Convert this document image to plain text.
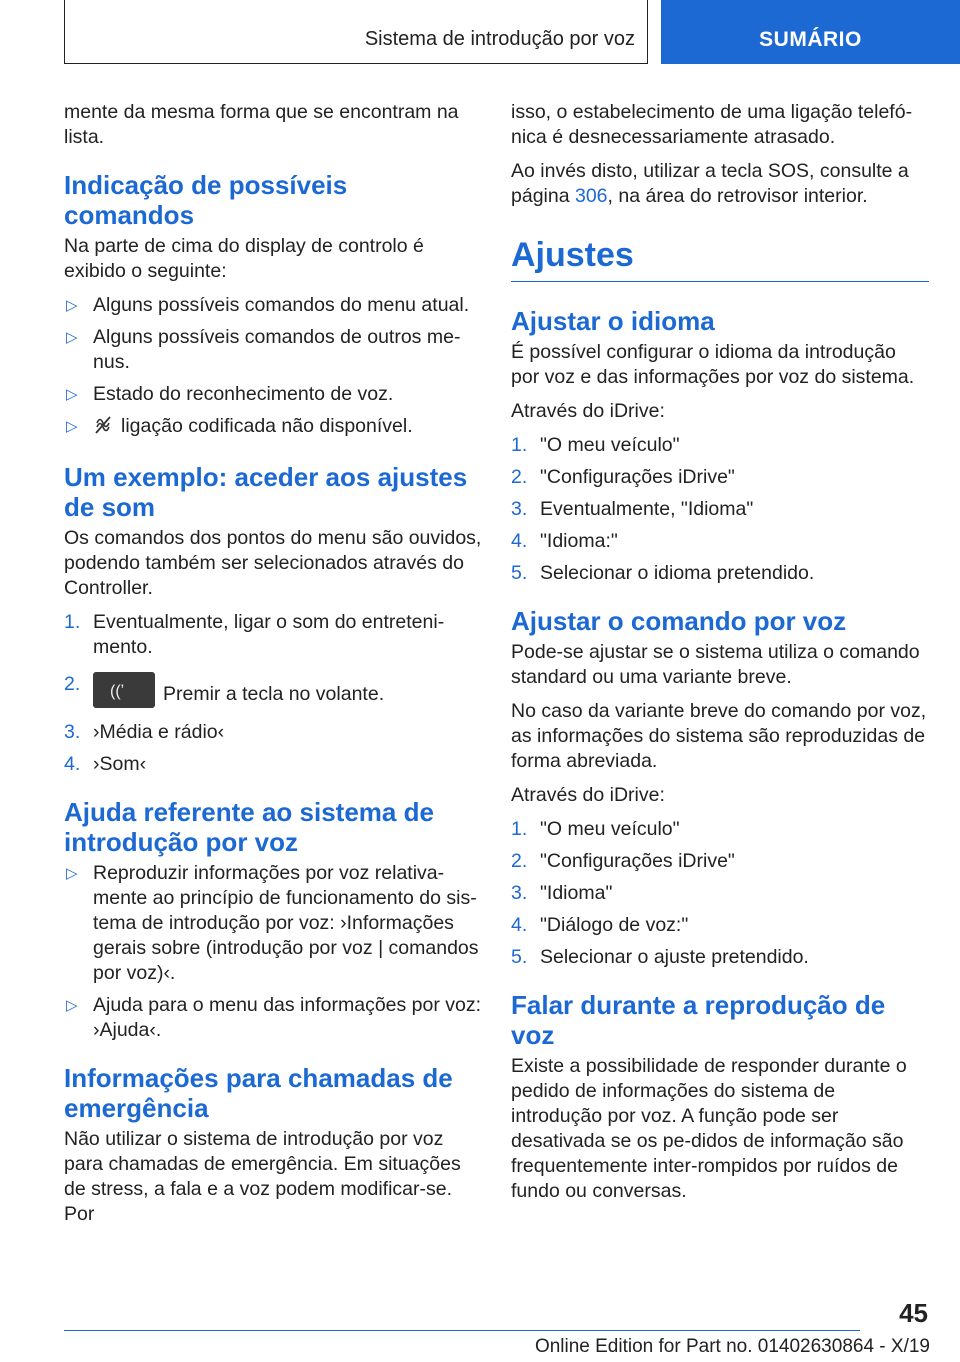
Sistema de introdução por voz	SUMÁRIO

mente da mesma forma que se encontram na lista.

Indicação de possíveis comandos

Na parte de cima do display de controlo é exibido o seguinte:

▷ Alguns possíveis comandos do menu atual.
▷ Alguns possíveis comandos de outros me-nus.
▷ Estado do reconhecimento de voz.
▷ ligação codificada não disponível.
Um exemplo: aceder aos ajustes de som

Os comandos dos pontos do menu são ouvidos, podendo também ser selecionados através do Controller.

1. Eventualmente, ligar o som do entreteni-mento.
2. ((ʼ Premir a tecla no volante.
3. ›Média e rádio‹
4. ›Som‹
Ajuda referente ao sistema de introdução por voz
▷ Reproduzir informações por voz relativa-mente ao princípio de funcionamento do sis-tema de introdução por voz: ›Informações gerais sobre (introdução por voz | comandos por voz)‹.
▷ Ajuda para o menu das informações por voz: ›Ajuda‹.
Informações para chamadas de emergência

Não utilizar o sistema de introdução por voz para chamadas de emergência. Em situações de stress, a fala e a voz podem modificar-se. Por

isso, o estabelecimento de uma ligação telefó-nica é desnecessariamente atrasado.

Ao invés disto, utilizar a tecla SOS, consulte a página 306, na área do retrovisor interior.

Ajustes
Ajustar o idioma

É possível configurar o idioma da introdução por voz e das informações por voz do sistema.

Através do iDrive:

1. "O meu veículo"
2. "Configurações iDrive"
3. Eventualmente, "Idioma"
4. "Idioma:"
5. Selecionar o idioma pretendido.
Ajustar o comando por voz

Pode-se ajustar se o sistema utiliza o comando standard ou uma variante breve.

No caso da variante breve do comando por voz, as informações do sistema são reproduzidas de forma abreviada.

Através do iDrive:

1. "O meu veículo"
2. "Configurações iDrive"
3. "Idioma"
4. "Diálogo de voz:"
5. Selecionar o ajuste pretendido.
Falar durante a reprodução de voz

Existe a possibilidade de responder durante o pedido de informações do sistema de introdução por voz. A função pode ser desativada se os pe-didos de informação são frequentemente inter-rompidos por ruídos de fundo ou conversas.

45
Online Edition for Part no. 01402630864 - X/19
